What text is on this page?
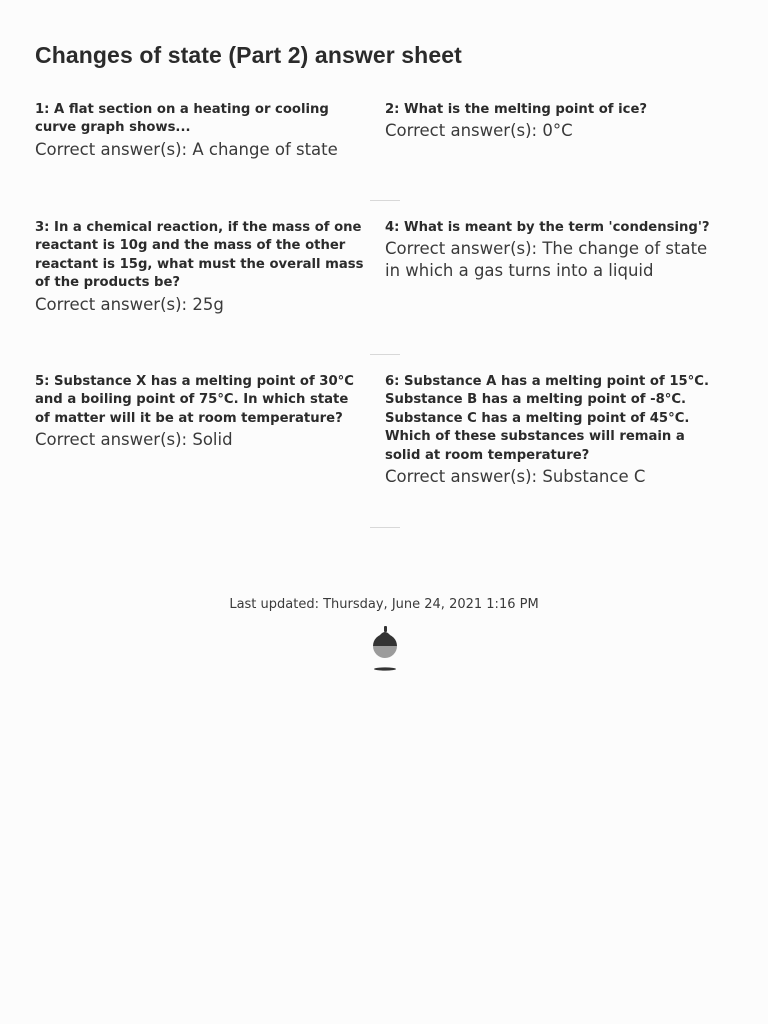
Changes of state (Part 2) answer sheet

1: A flat section on a heating or cooling curve graph shows...

Correct answer(s): A change of state

2: What is the melting point of ice?

Correct answer(s): 0°C

3: In a chemical reaction, if the mass of one reactant is 10g and the mass of the other reactant is 15g, what must the overall mass of the products be?

Correct answer(s): 25g

4: What is meant by the term 'condensing'?

Correct answer(s): The change of state in which a gas turns into a liquid

5: Substance X has a melting point of 30°C and a boiling point of 75°C. In which state of matter will it be at room temperature?

Correct answer(s): Solid

6: Substance A has a melting point of 15°C. Substance B has a melting point of -8°C. Substance C has a melting point of 45°C. Which of these substances will remain a solid at room temperature?

Correct answer(s): Substance C

Last updated: Thursday, June 24, 2021 1:16 PM
